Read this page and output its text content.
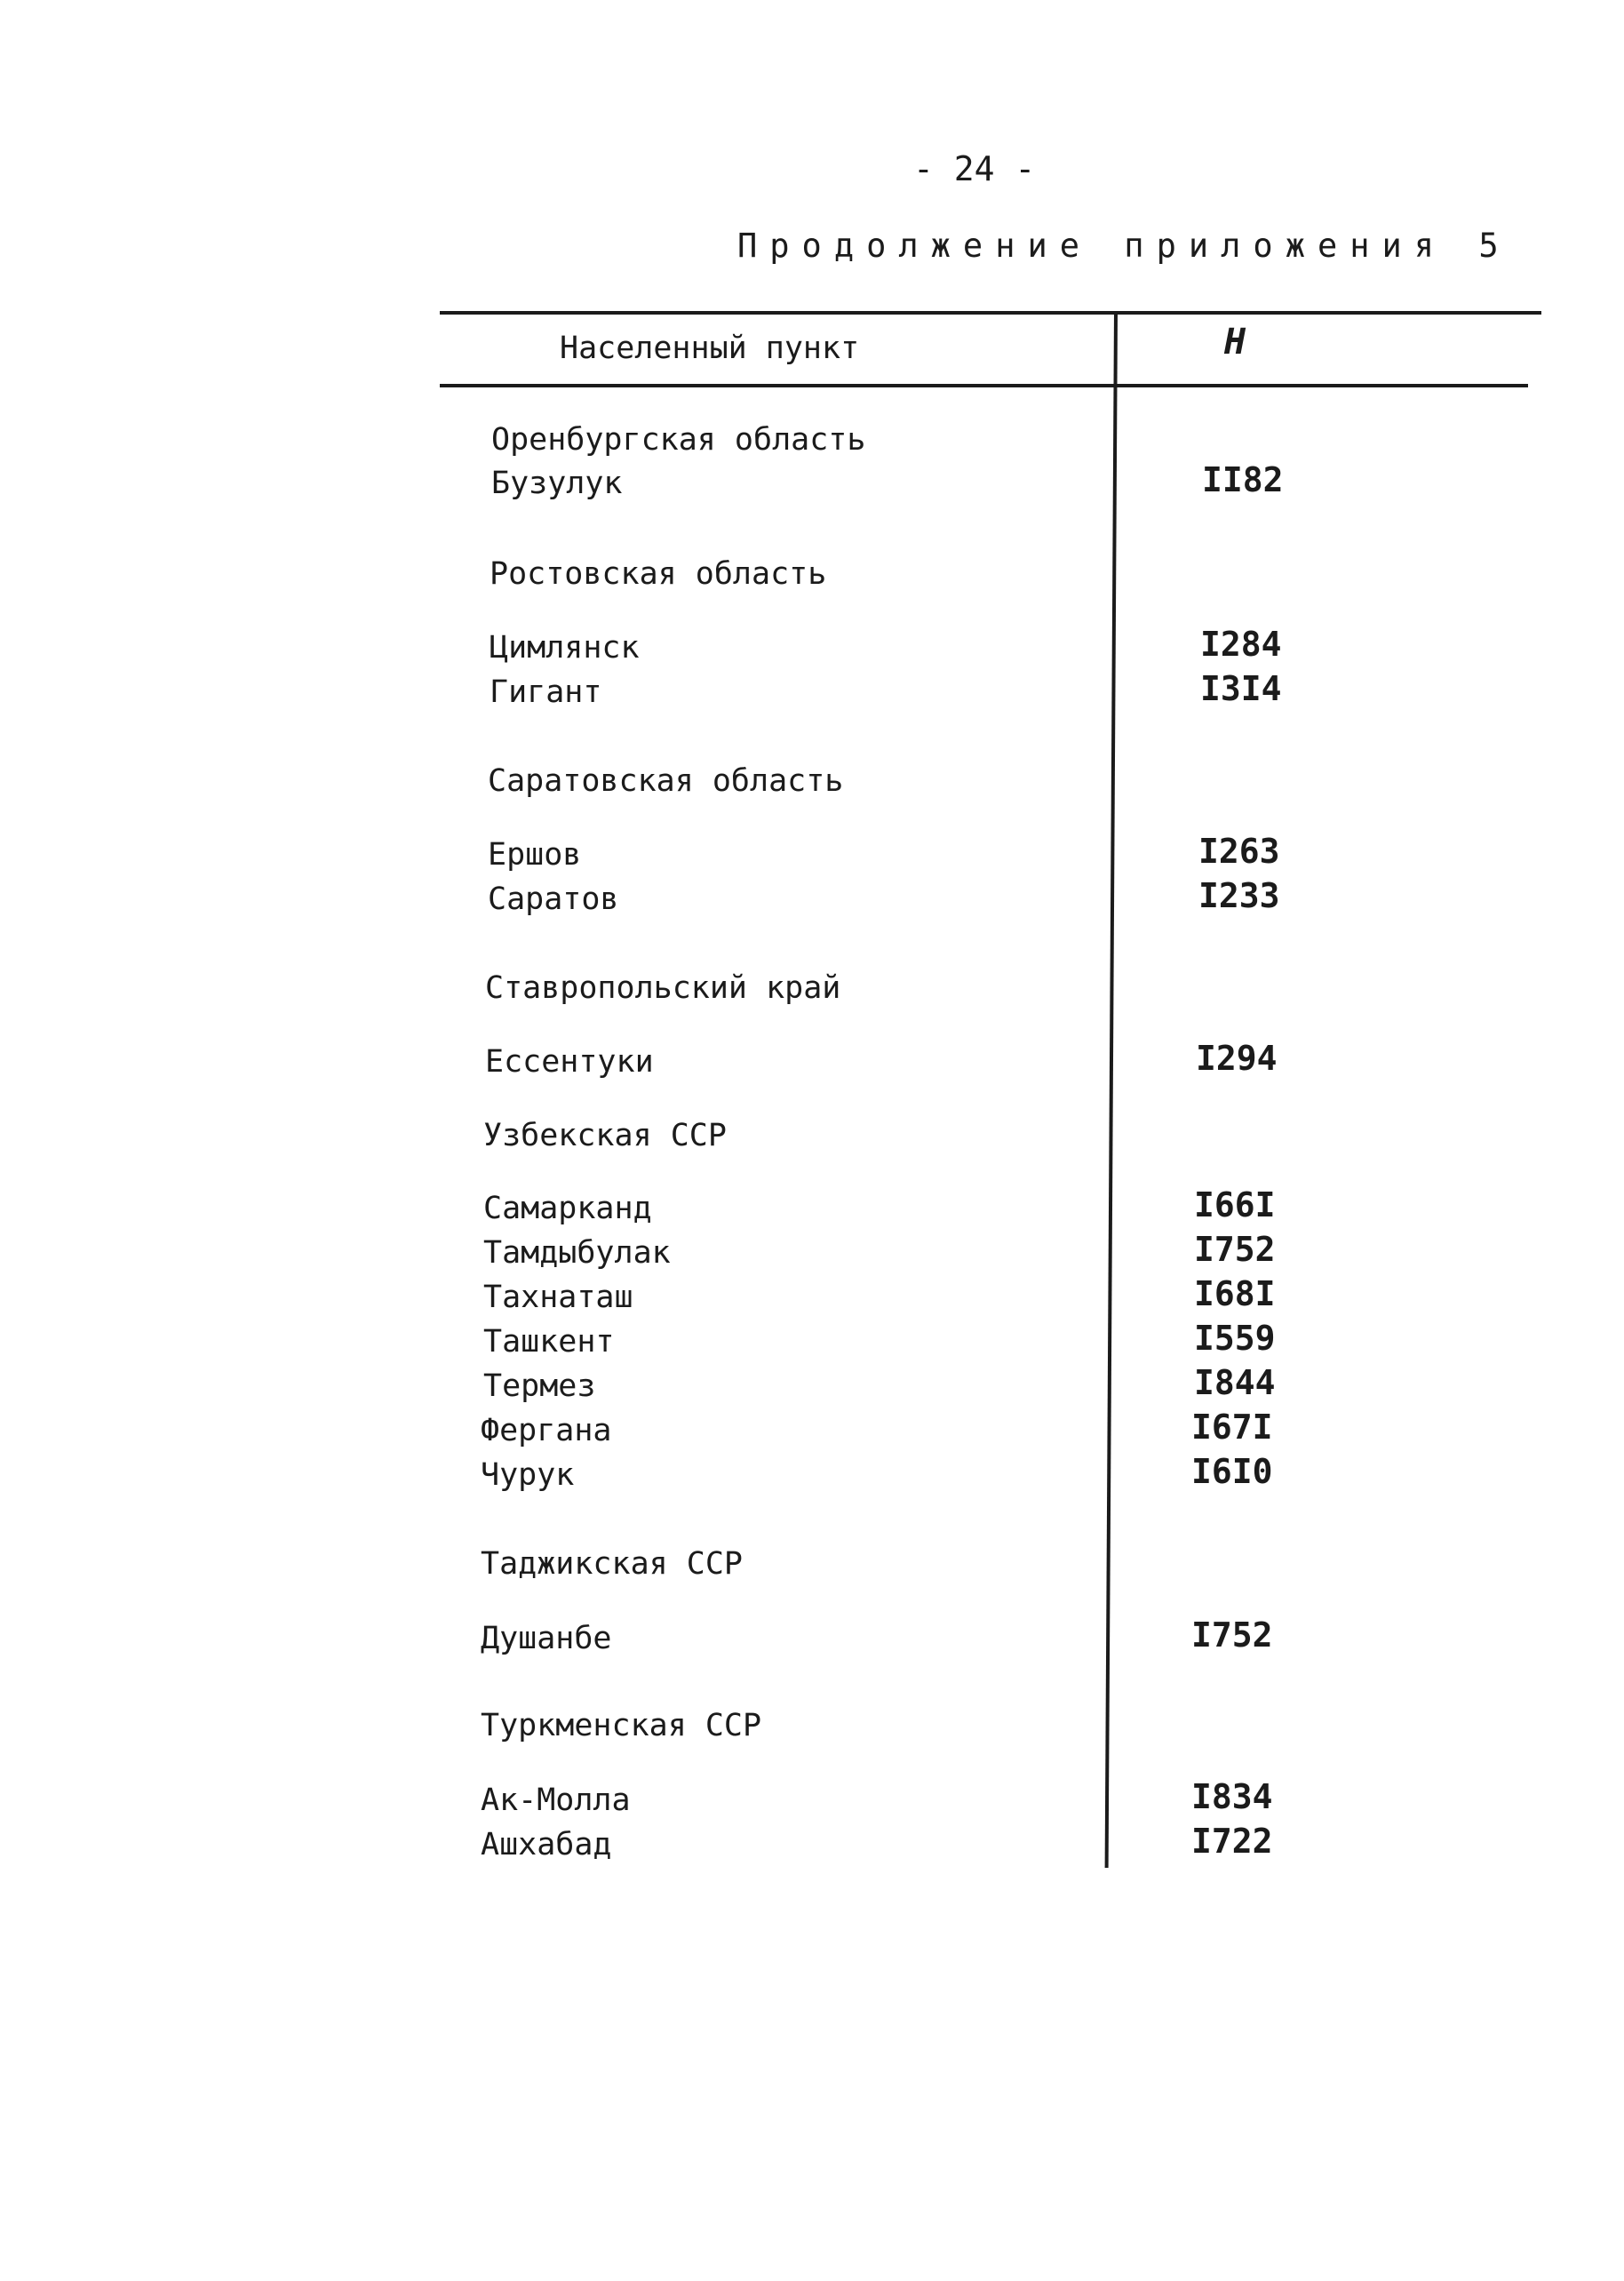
- 24 -
Продолжение приложения 5
Населенный пункт	H
Оренбургская область
Бузулук	II82
Ростовская область
Цимлянск	I284
Гигант	I3I4
Саратовская область
Ершов	I263
Саратов	I233
Ставропольский край
Ессентуки	I294
Узбекская ССР
Самарканд	I66I
Тамдыбулак	I752
Тахнаташ	I68I
Ташкент	I559
Термез	I844
Фергана	I67I
Чурук	I6I0
Таджикская ССР
Душанбе	I752
Туркменская ССР
Ак-Молла	I834
Ашхабад	I722
